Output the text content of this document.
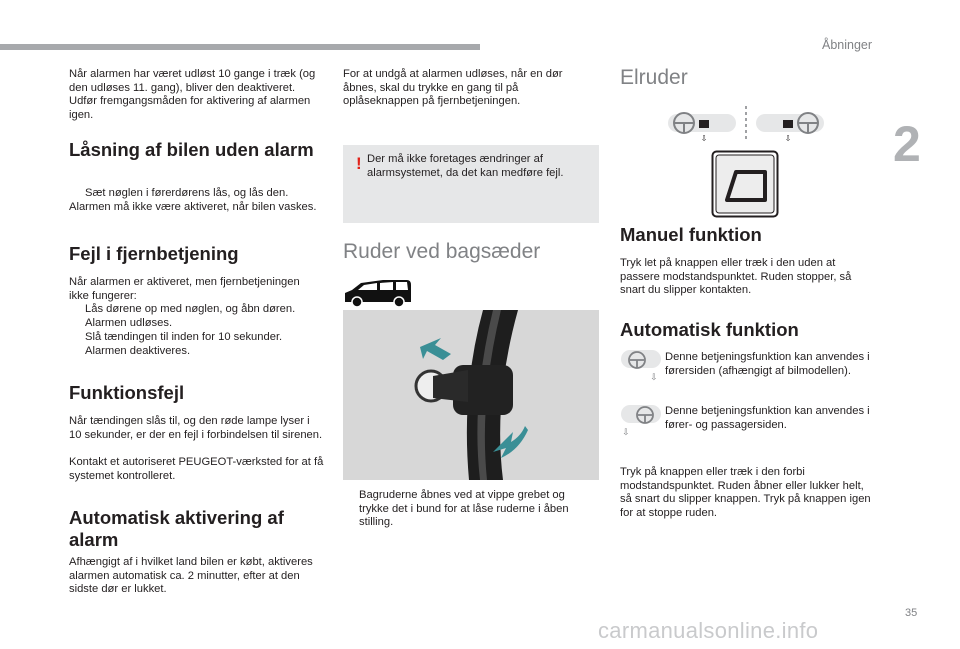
Åbninger
2
35
Når alarmen har været udløst 10 gange i træk (og den udløses 11. gang), bliver den deaktiveret. Udfør fremgangsmåden for aktivering af alarmen igen.
Låsning af bilen uden alarm
Sæt nøglen i førerdørens lås, og lås den.
Alarmen må ikke være aktiveret, når bilen vaskes.
Fejl i fjernbetjening
Når alarmen er aktiveret, men fjernbetjeningen ikke fungerer:
Lås dørene op med nøglen, og åbn døren. Alarmen udløses.
Slå tændingen til inden for 10 sekunder. Alarmen deaktiveres.
Funktionsfejl
Når tændingen slås til, og den røde lampe lyser i 10 sekunder, er der en fejl i forbindelsen til sirenen.
Kontakt et autoriseret PEUGEOT-værksted for at få systemet kontrolleret.
Automatisk aktivering af alarm
Afhængigt af i hvilket land bilen er købt, aktiveres alarmen automatisk ca. 2 minutter, efter at den sidste dør er lukket.
For at undgå at alarmen udløses, når en dør åbnes, skal du trykke en gang til på oplåseknappen på fjernbetjeningen.
! Der må ikke foretages ændringer af alarmsystemet, da det kan medføre fejl.
Ruder ved bagsæder
Bagruderne åbnes ved at vippe grebet og trykke det i bund for at låse ruderne i åben stilling.
Elruder
⇩	⇩
Manuel funktion
Tryk let på knappen eller træk i den uden at passere modstandspunktet. Ruden stopper, så snart du slipper kontakten.
Automatisk funktion
⇩
Denne betjeningsfunktion kan anvendes i førersiden (afhængigt af bilmodellen).
⇩
Denne betjeningsfunktion kan anvendes i fører- og passagersiden.
Tryk på knappen eller træk i den forbi modstandspunktet. Ruden åbner eller lukker helt, så snart du slipper knappen. Tryk på knappen igen for at stoppe ruden.
carmanualsonline.info
